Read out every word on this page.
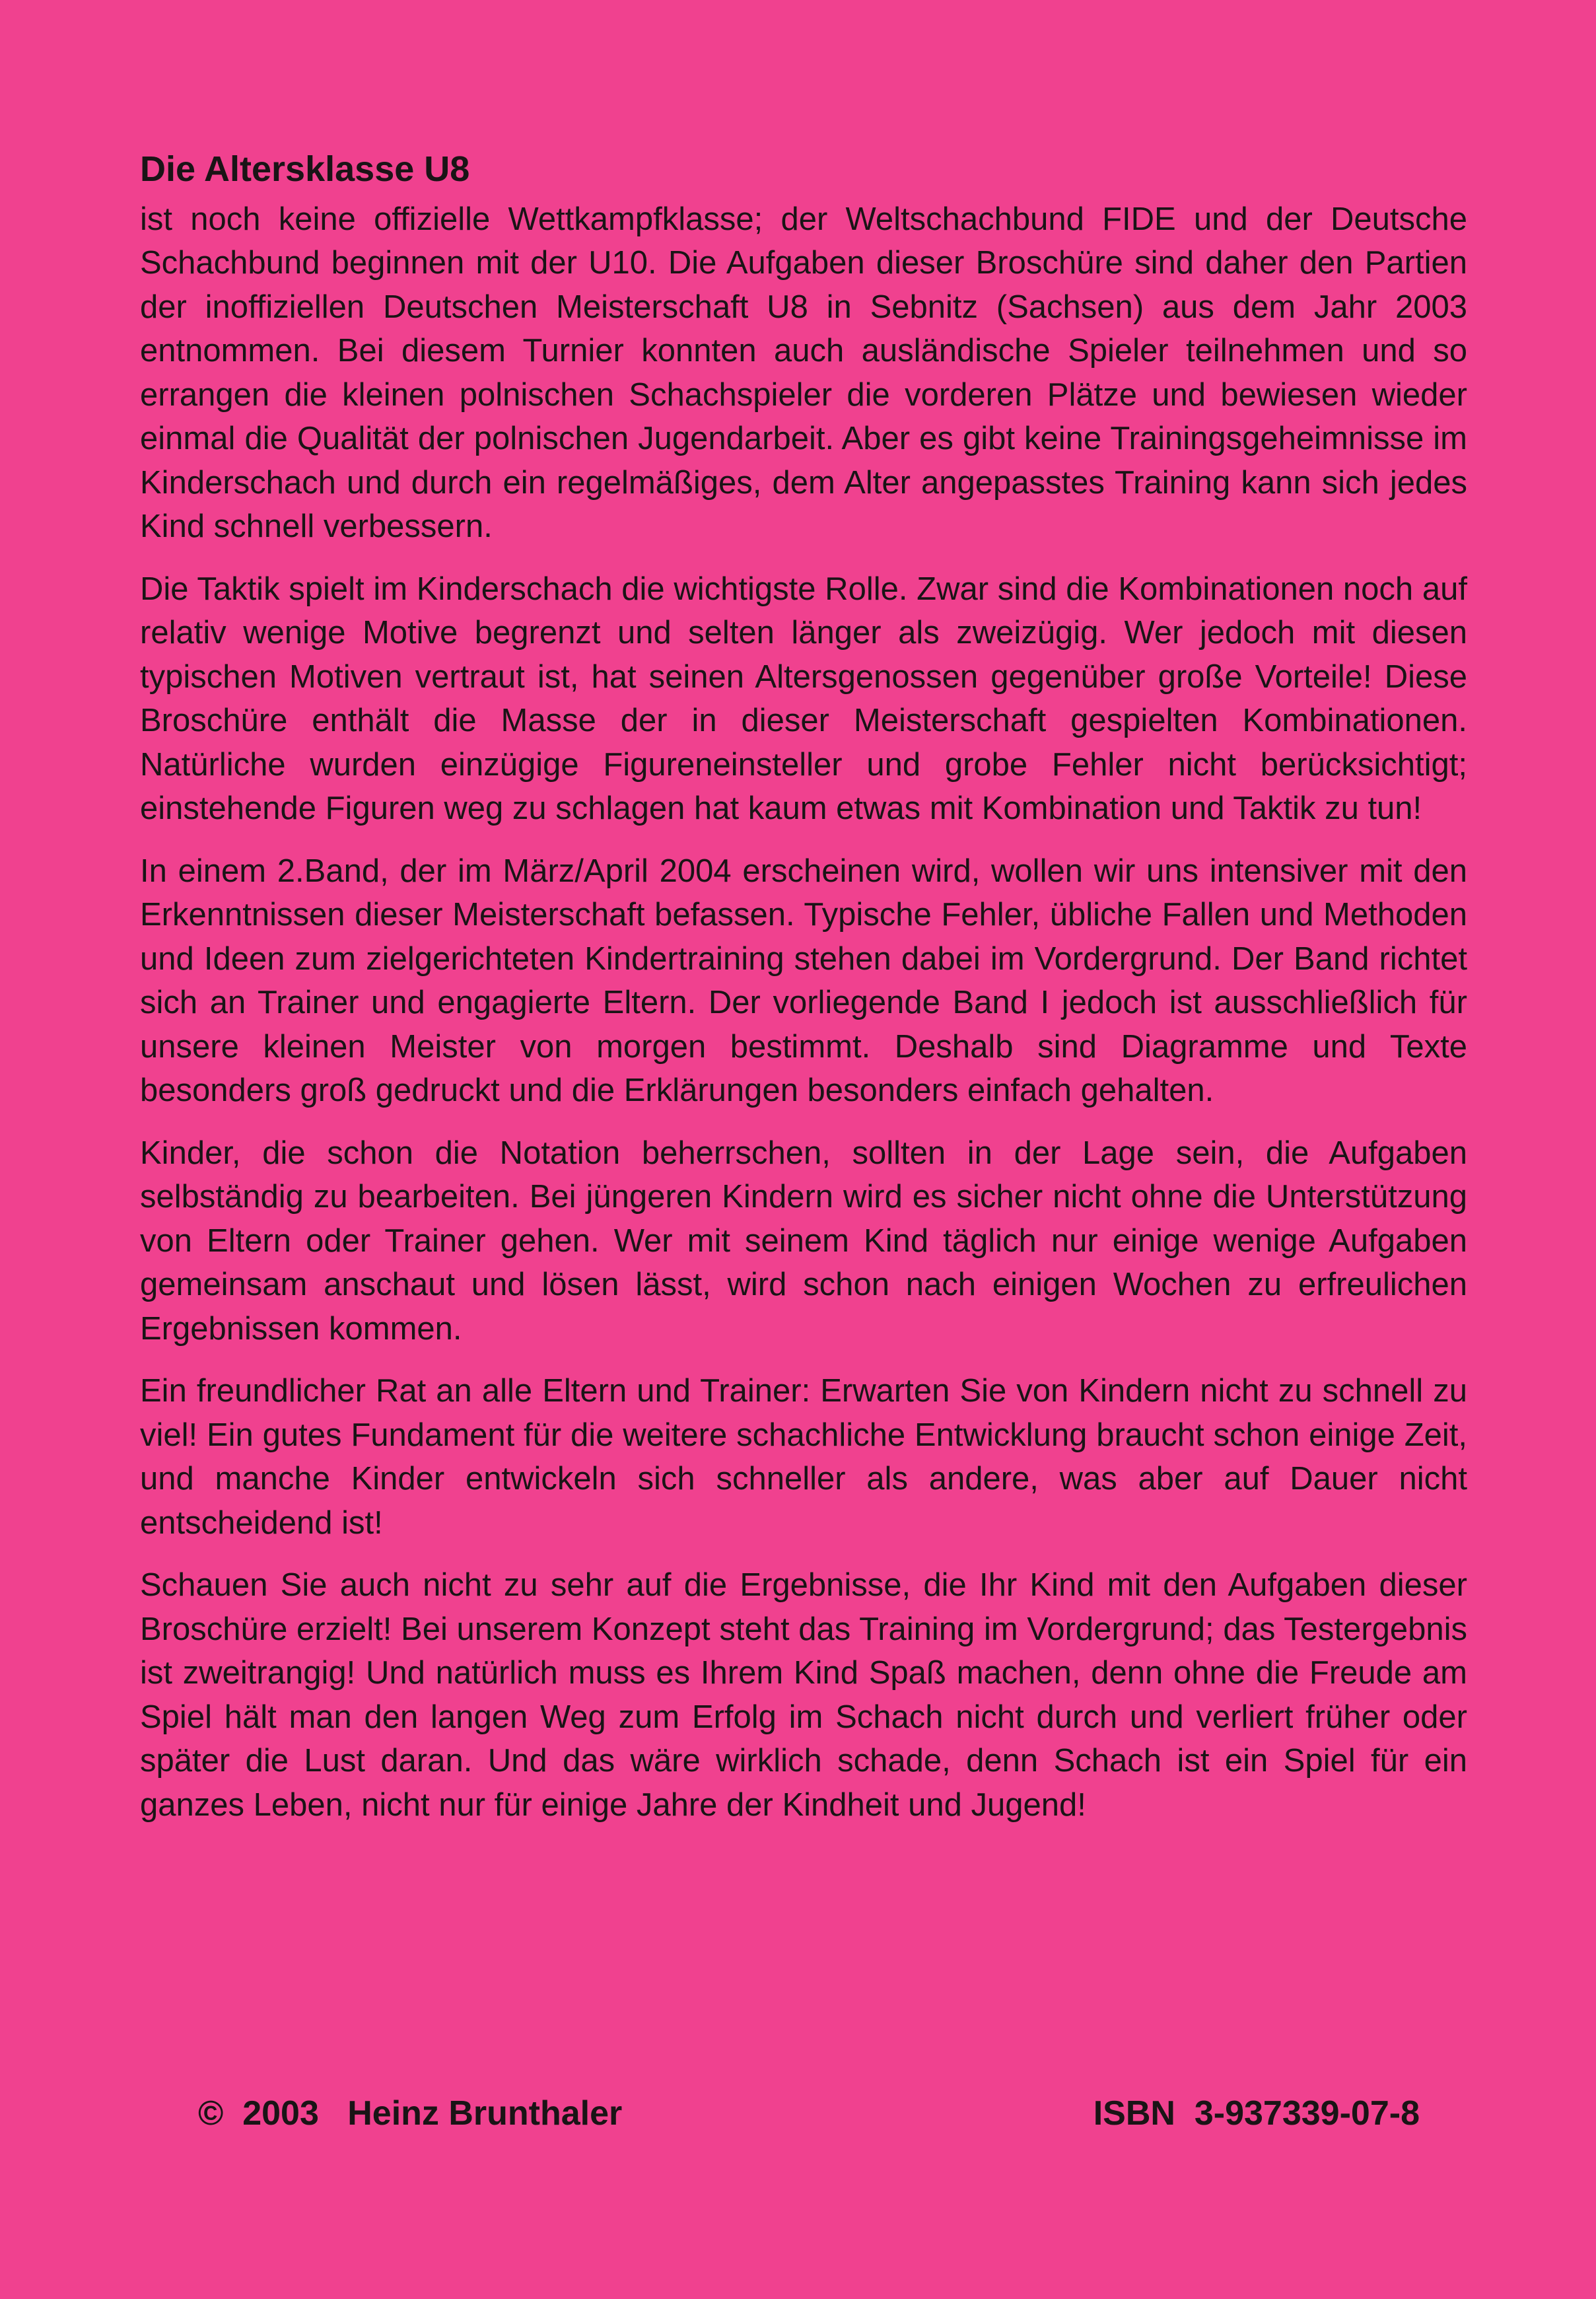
Die Altersklasse U8

ist noch keine offizielle Wettkampfklasse; der Weltschachbund FIDE und der Deutsche Schachbund beginnen mit der U10. Die Aufgaben dieser Broschüre sind daher den Partien der inoffiziellen Deutschen Meisterschaft U8 in Sebnitz (Sachsen) aus dem Jahr 2003 entnommen. Bei diesem Turnier konnten auch ausländische Spieler teilnehmen und so errangen die kleinen polnischen Schachspieler die vorderen Plätze und bewiesen wieder einmal die Qualität der polnischen Jugendarbeit. Aber es gibt keine Trainingsgeheimnisse im Kinderschach und durch ein regelmäßiges, dem Alter angepasstes Training kann sich jedes Kind schnell verbessern.

Die Taktik spielt im Kinderschach die wichtigste Rolle. Zwar sind die Kombinationen noch auf relativ wenige Motive begrenzt und selten länger als zweizügig. Wer jedoch mit diesen typischen Motiven vertraut ist, hat seinen Altersgenossen gegenüber große Vorteile! Diese Broschüre enthält die Masse der in dieser Meisterschaft gespielten Kombinationen. Natürliche wurden einzügige Figureneinsteller und grobe Fehler nicht berücksichtigt; einstehende Figuren weg zu schlagen hat kaum etwas mit Kombination und Taktik zu tun!

In einem 2.Band, der im März/April 2004 erscheinen wird, wollen wir uns intensiver mit den Erkenntnissen dieser Meisterschaft befassen. Typische Fehler, übliche Fallen und Methoden und Ideen zum zielgerichteten Kindertraining stehen dabei im Vordergrund. Der Band richtet sich an Trainer und engagierte Eltern. Der vorliegende Band I jedoch ist ausschließlich für unsere kleinen Meister von morgen bestimmt. Deshalb sind Diagramme und Texte besonders groß gedruckt und die Erklärungen besonders einfach gehalten.

Kinder, die schon die Notation beherrschen, sollten in der Lage sein, die Aufgaben selbständig zu bearbeiten. Bei jüngeren Kindern wird es sicher nicht ohne die Unterstützung von Eltern oder Trainer gehen. Wer mit seinem Kind täglich nur einige wenige Aufgaben gemeinsam anschaut und lösen lässt, wird schon nach einigen Wochen zu erfreulichen Ergebnissen kommen.

Ein freundlicher Rat an alle Eltern und Trainer: Erwarten Sie von Kindern nicht zu schnell zu viel! Ein gutes Fundament für die weitere schachliche Entwicklung braucht schon einige Zeit, und manche Kinder entwickeln sich schneller als andere, was aber auf Dauer nicht entscheidend ist!

Schauen Sie auch nicht zu sehr auf die Ergebnisse, die Ihr Kind mit den Aufgaben dieser Broschüre erzielt! Bei unserem Konzept steht das Training im Vordergrund; das Testergebnis ist zweitrangig! Und natürlich muss es Ihrem Kind Spaß machen, denn ohne die Freude am Spiel hält man den langen Weg zum Erfolg im Schach nicht durch und verliert früher oder später die Lust daran. Und das wäre wirklich schade, denn Schach ist ein Spiel für ein ganzes Leben, nicht nur für einige Jahre der Kindheit und Jugend!

©  2003   Heinz Brunthaler	ISBN  3-937339-07-8
